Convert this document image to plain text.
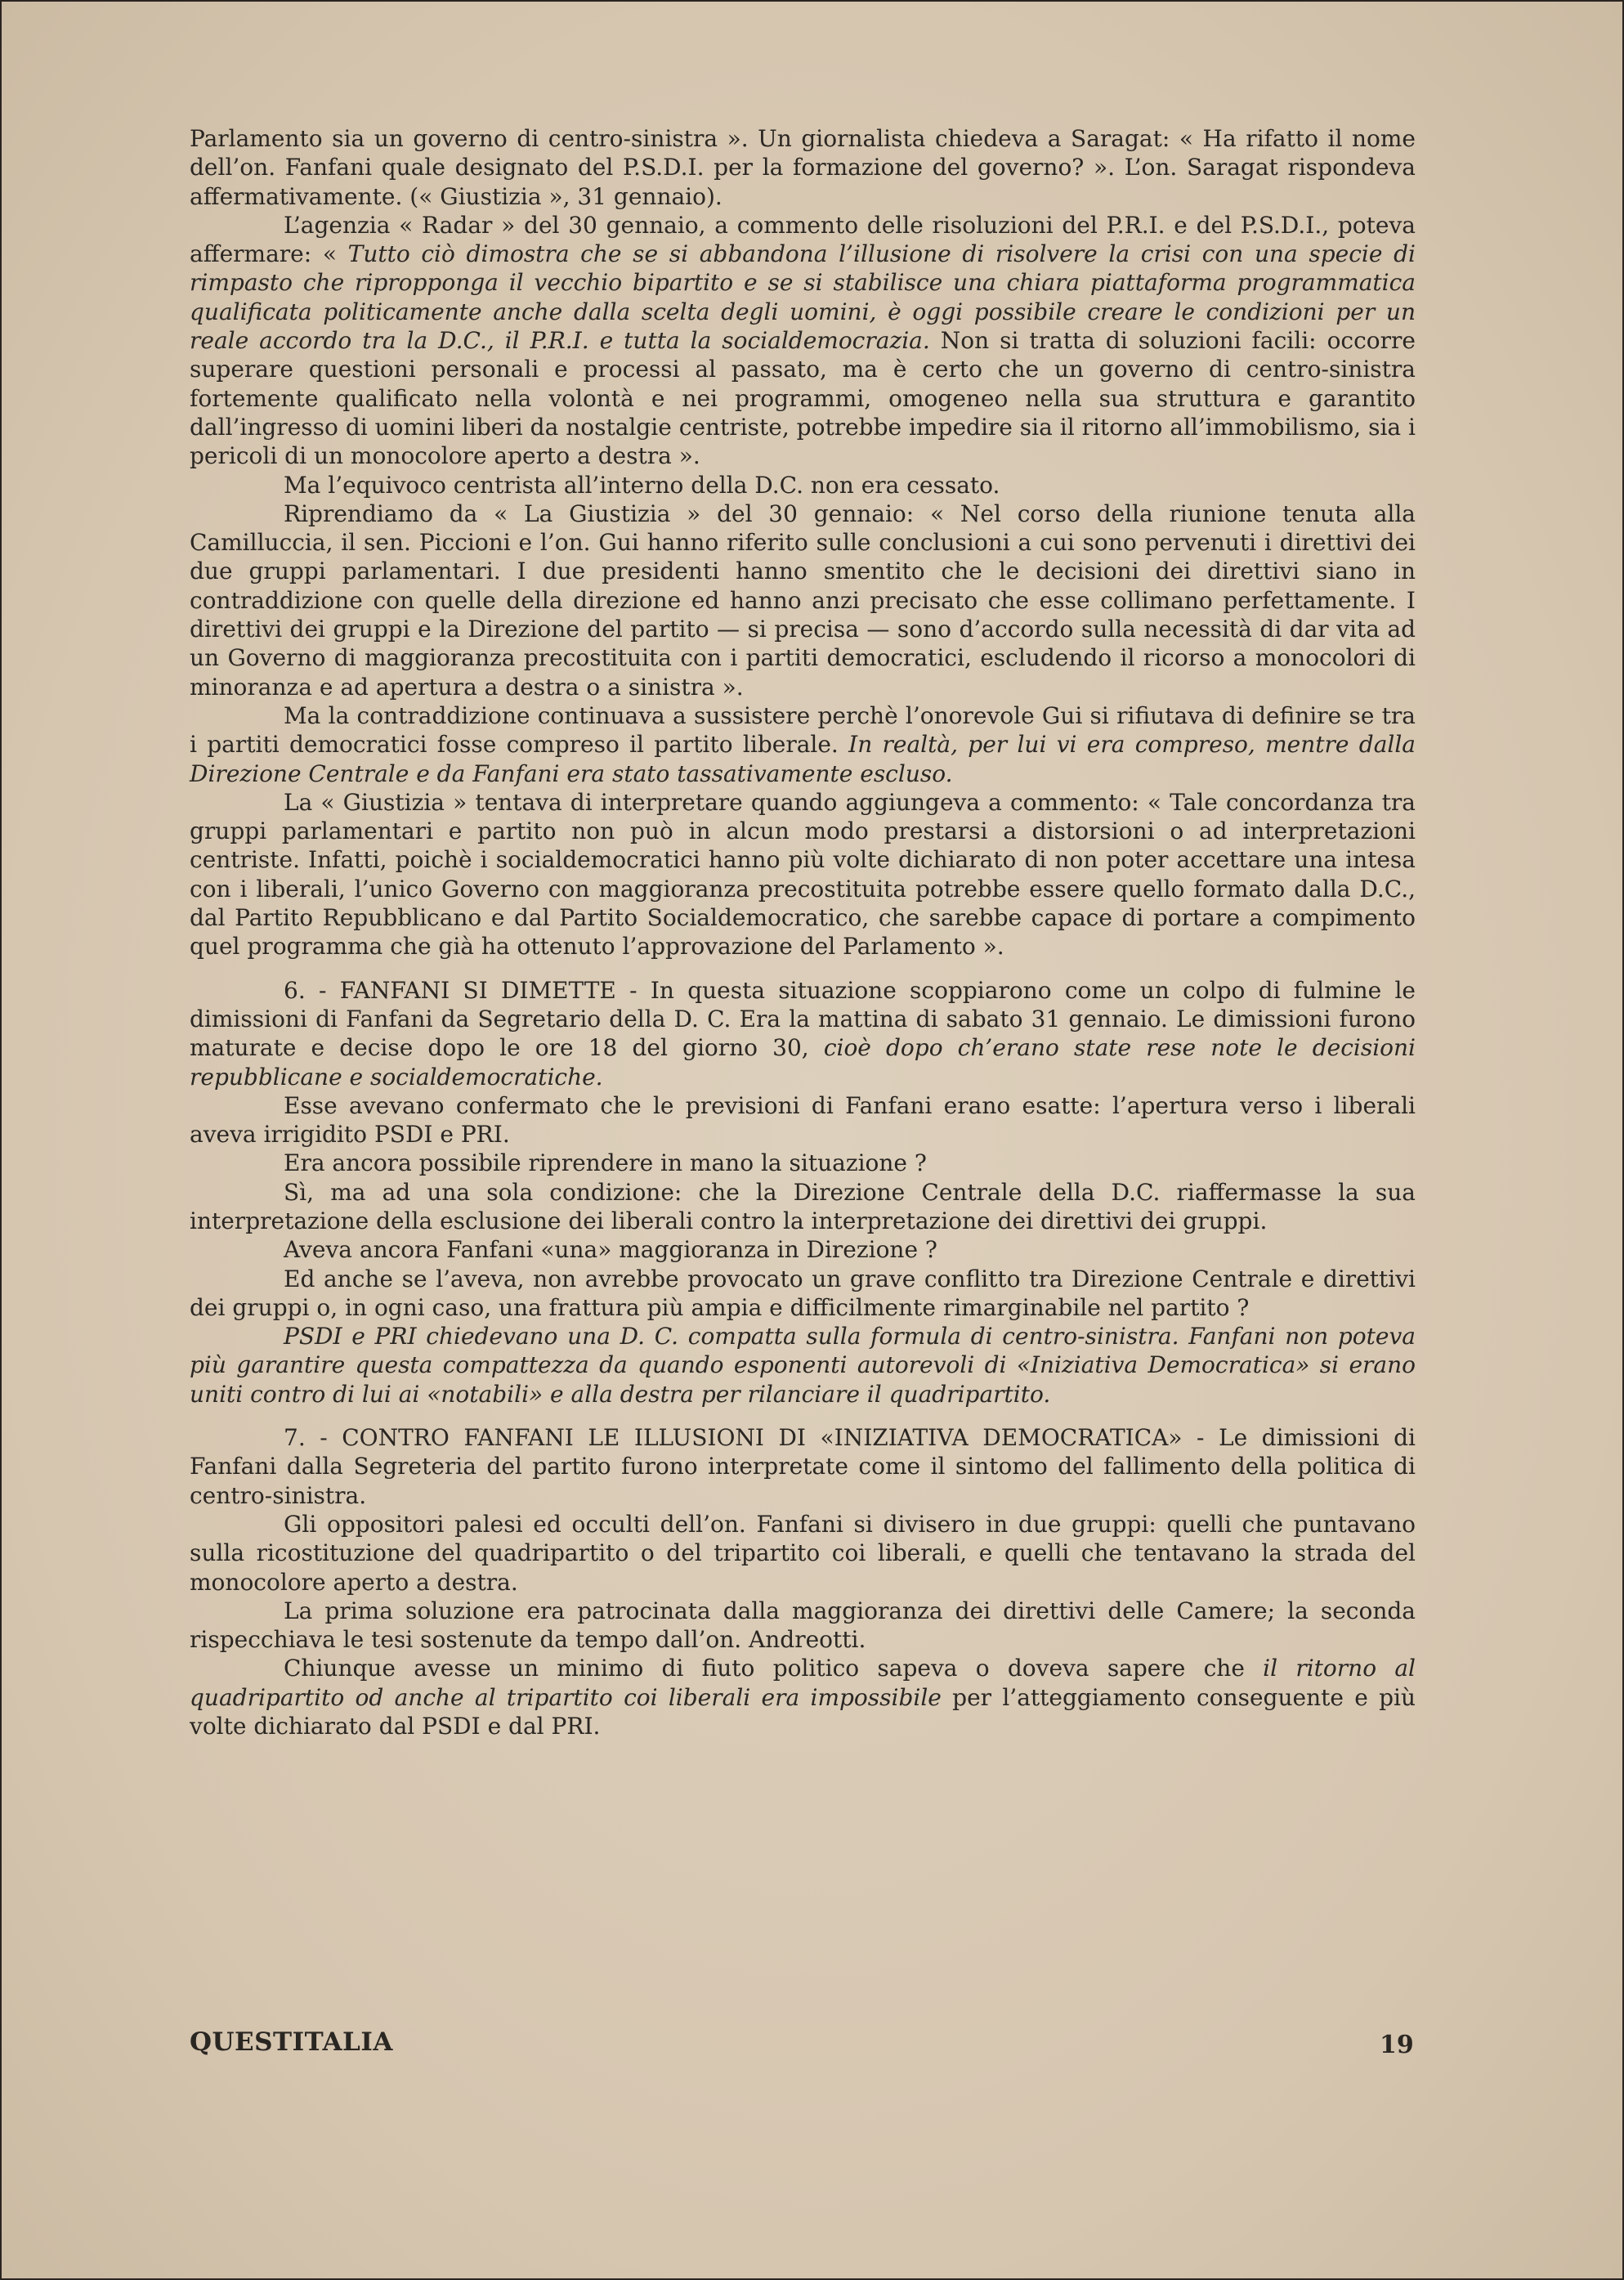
Parlamento sia un governo di centro-sinistra ». Un giornalista chiedeva a Saragat: « Ha rifatto il nome dell’on. Fanfani quale designato del P.S.D.I. per la formazione del governo? ». L’on. Saragat rispondeva affermativamente. (« Giustizia », 31 gennaio).

L’agenzia « Radar » del 30 gennaio, a commento delle risoluzioni del P.R.I. e del P.S.D.I., poteva affermare: « Tutto ciò dimostra che se si abbandona l’illusione di risolvere la crisi con una specie di rimpasto che ripropponga il vecchio bipartito e se si stabilisce una chiara piattaforma programmatica qualificata politicamente anche dalla scelta degli uomini, è oggi possibile creare le condizioni per un reale accordo tra la D.C., il P.R.I. e tutta la socialdemocrazia. Non si tratta di soluzioni facili: occorre superare questioni personali e processi al passato, ma è certo che un governo di centro-sinistra fortemente qualificato nella volontà e nei programmi, omogeneo nella sua struttura e garantito dall’ingresso di uomini liberi da nostalgie centriste, potrebbe impedire sia il ritorno all’immobilismo, sia i pericoli di un monocolore aperto a destra ».

Ma l’equivoco centrista all’interno della D.C. non era cessato.

Riprendiamo da « La Giustizia » del 30 gennaio: « Nel corso della riunione tenuta alla Camilluccia, il sen. Piccioni e l’on. Gui hanno riferito sulle conclusioni a cui sono pervenuti i direttivi dei due gruppi parlamentari. I due presidenti hanno smentito che le decisioni dei direttivi siano in contraddizione con quelle della direzione ed hanno anzi precisato che esse collimano perfettamente. I direttivi dei gruppi e la Direzione del partito — si precisa — sono d’accordo sulla necessità di dar vita ad un Governo di maggioranza precostituita con i partiti democratici, escludendo il ricorso a monocolori di minoranza e ad apertura a destra o a sinistra ».

Ma la contraddizione continuava a sussistere perchè l’onorevole Gui si rifiutava di definire se tra i partiti democratici fosse compreso il partito liberale. In realtà, per lui vi era compreso, mentre dalla Direzione Centrale e da Fanfani era stato tassativamente escluso.

La « Giustizia » tentava di interpretare quando aggiungeva a commento: « Tale concordanza tra gruppi parlamentari e partito non può in alcun modo prestarsi a distorsioni o ad interpretazioni centriste. Infatti, poichè i socialdemocratici hanno più volte dichiarato di non poter accettare una intesa con i liberali, l’unico Governo con maggioranza precostituita potrebbe essere quello formato dalla D.C., dal Partito Repubblicano e dal Partito Socialdemocratico, che sarebbe capace di portare a compimento quel programma che già ha ottenuto l’approvazione del Parlamento ».

6. - FANFANI SI DIMETTE - In questa situazione scoppiarono come un colpo di fulmine le dimissioni di Fanfani da Segretario della D. C. Era la mattina di sabato 31 gennaio. Le dimissioni furono maturate e decise dopo le ore 18 del giorno 30, cioè dopo ch’erano state rese note le decisioni repubblicane e socialdemocratiche.

Esse avevano confermato che le previsioni di Fanfani erano esatte: l’apertura verso i liberali aveva irrigidito PSDI e PRI.

Era ancora possibile riprendere in mano la situazione ?

Sì, ma ad una sola condizione: che la Direzione Centrale della D.C. riaffermasse la sua interpretazione della esclusione dei liberali contro la interpretazione dei direttivi dei gruppi.

Aveva ancora Fanfani «una» maggioranza in Direzione ?

Ed anche se l’aveva, non avrebbe provocato un grave conflitto tra Direzione Centrale e direttivi dei gruppi o, in ogni caso, una frattura più ampia e difficilmente rimarginabile nel partito ?

PSDI e PRI chiedevano una D. C. compatta sulla formula di centro-sinistra. Fanfani non poteva più garantire questa compattezza da quando esponenti autorevoli di «Iniziativa Democratica» si erano uniti contro di lui ai «notabili» e alla destra per rilanciare il quadripartito.

7. - CONTRO FANFANI LE ILLUSIONI DI «INIZIATIVA DEMOCRATICA» - Le dimissioni di Fanfani dalla Segreteria del partito furono interpretate come il sintomo del fallimento della politica di centro-sinistra.

Gli oppositori palesi ed occulti dell’on. Fanfani si divisero in due gruppi: quelli che puntavano sulla ricostituzione del quadripartito o del tripartito coi liberali, e quelli che tentavano la strada del monocolore aperto a destra.

La prima soluzione era patrocinata dalla maggioranza dei direttivi delle Camere; la seconda rispecchiava le tesi sostenute da tempo dall’on. Andreotti.

Chiunque avesse un minimo di fiuto politico sapeva o doveva sapere che il ritorno al quadripartito od anche al tripartito coi liberali era impossibile per l’atteggiamento conseguente e più volte dichiarato dal PSDI e dal PRI.

QUESTITALIA	19
